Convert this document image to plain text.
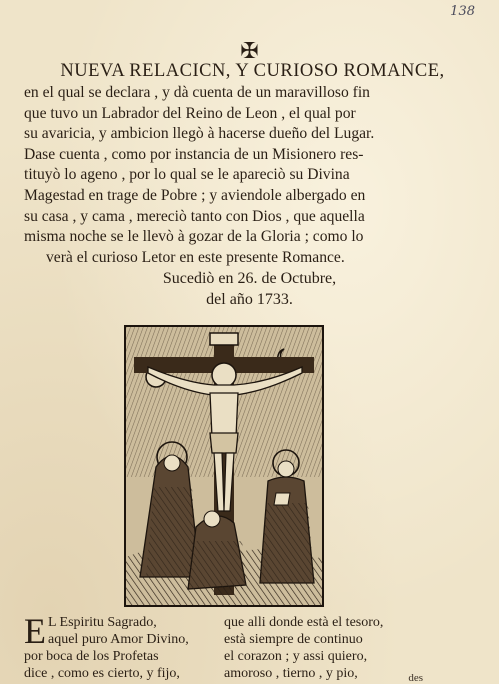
138
✠
NUEVA RELACICN, Y CURIOSO ROMANCE,
en el qual se declara , y dà cuenta de un maravilloso fin
que tuvo un Labrador del Reino de Leon , el qual por
su avaricia, y ambicion llegò à hacerse dueño del Lugar.
Dase cuenta , como por instancia de un Misionero res-
tituyò lo ageno , por lo qual se le apareciò su Divina
Magestad en trage de Pobre ; y aviendole albergado en
su casa , y cama , mereciò tanto con Dios , que aquella
misma noche se le llevò à gozar de la Gloria ; como lo
verà el curioso Letor en este presente Romance.
Sucediò en 26. de Octubre,
del año 1733.
E L Espiritu Sagrado,
aquel puro Amor Divino,
por boca de los Profetas
dice , como es cierto, y fijo,
que alli donde està el tesoro,
està siempre de continuo
el corazon ; y assi quiero,
amoroso , tierno , y pio,	des
